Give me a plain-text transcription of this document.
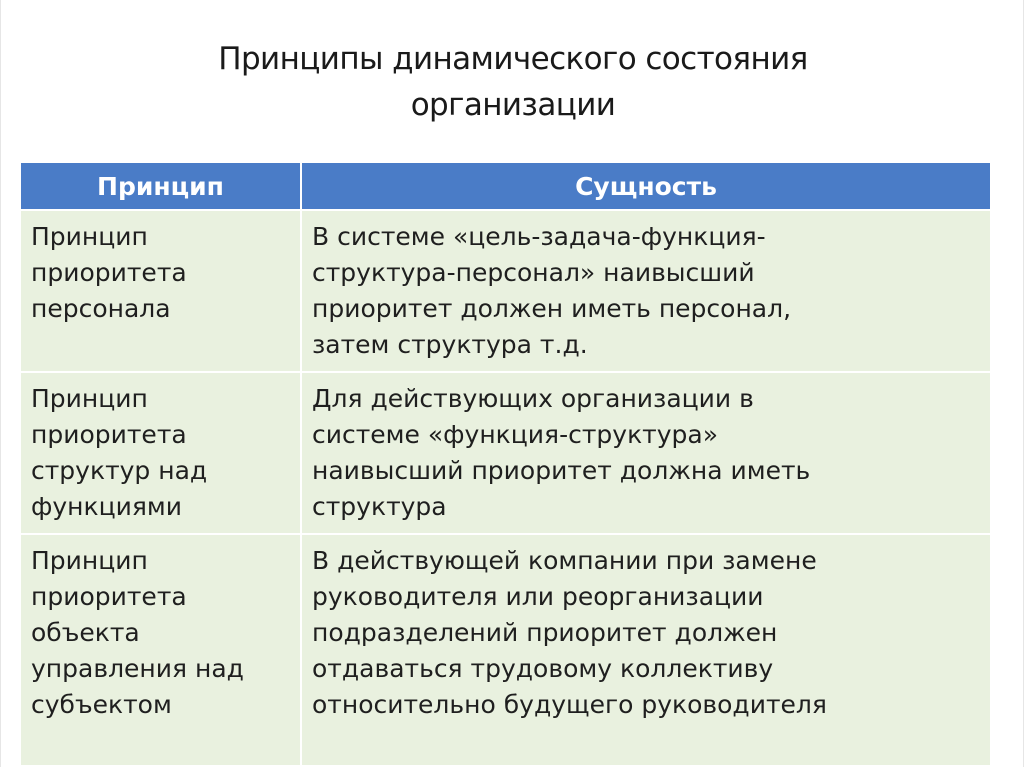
Принципы динамического состояния
организации
Принцип	Сущность

Принцип
приоритета
персонала	В системе «цель-задача-функция-
структура-персонал» наивысший
приоритет должен иметь персонал,
затем структура т.д.

Принцип
приоритета
структур над
функциями	Для действующих организации в
системе «функция-структура»
наивысший приоритет должна иметь
структура

Принцип
приоритета
объекта
управления над
субъектом	В действующей компании при замене
руководителя или реорганизации
подразделений приоритет должен
отдаваться трудовому коллективу
относительно будущего руководителя
